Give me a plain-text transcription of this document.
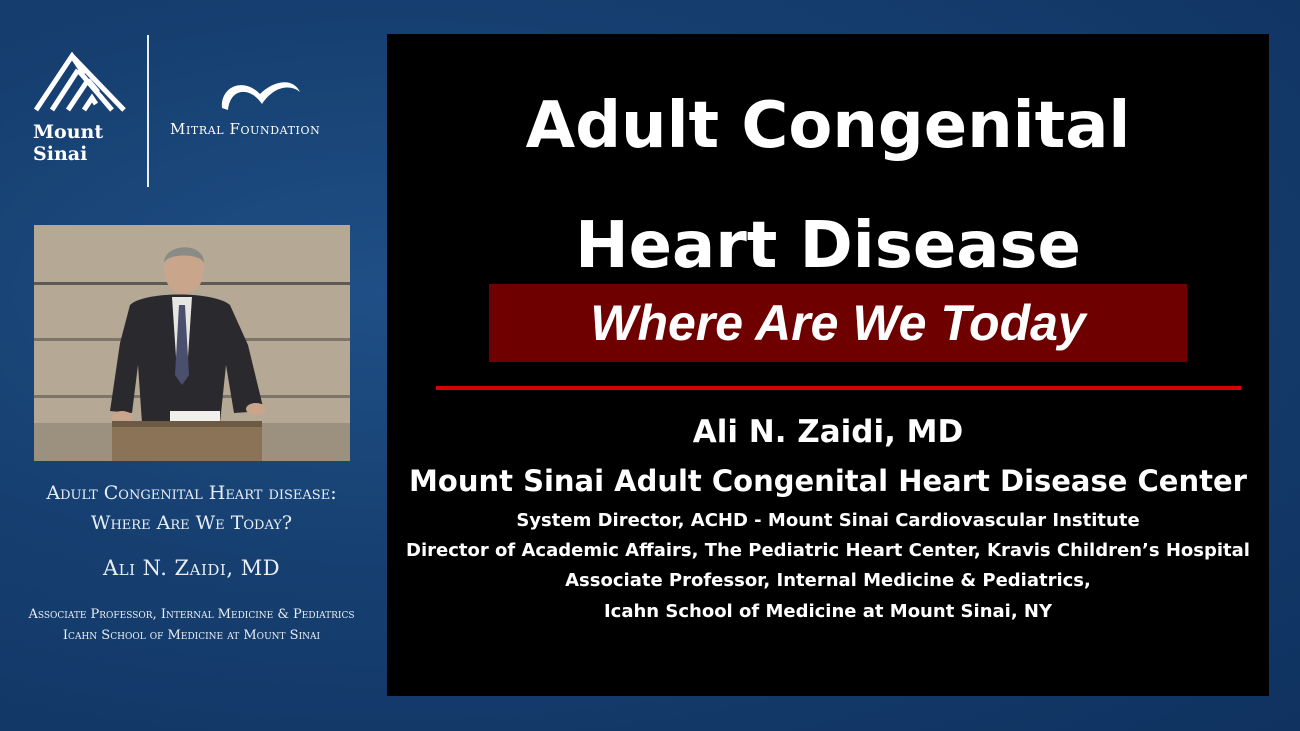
Mount
Sinai
Mitral Foundation
Adult Congenital Heart disease:
Where Are We Today?
Ali N. Zaidi, MD
Associate Professor, Internal Medicine & Pediatrics
Icahn School of Medicine at Mount Sinai
Adult Congenital
Heart Disease
Where Are We Today
Ali N. Zaidi, MD
Mount Sinai Adult Congenital Heart Disease Center
System Director, ACHD - Mount Sinai Cardiovascular Institute
Director of Academic Affairs, The Pediatric Heart Center, Kravis Children’s Hospital
Associate Professor, Internal Medicine & Pediatrics,
Icahn School of Medicine at Mount Sinai, NY
